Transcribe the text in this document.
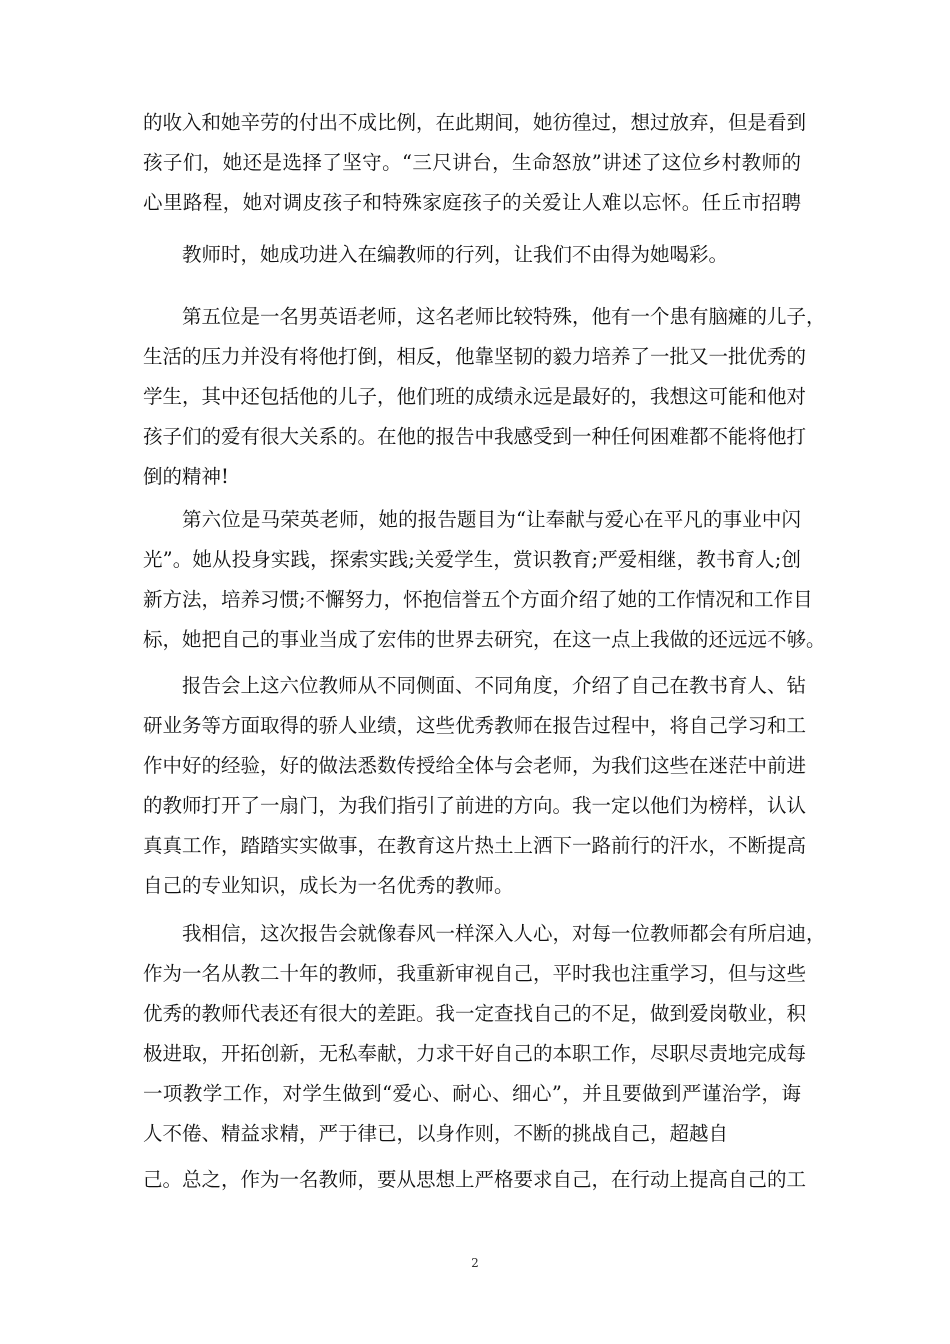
的收入和她辛劳的付出不成比例，在此期间，她彷徨过，想过放弃，但是看到
孩子们，她还是选择了坚守。“三尺讲台，生命怒放”讲述了这位乡村教师的
心里路程，她对调皮孩子和特殊家庭孩子的关爱让人难以忘怀。任丘市招聘
教师时，她成功进入在编教师的行列，让我们不由得为她喝彩。
第五位是一名男英语老师，这名老师比较特殊，他有一个患有脑瘫的儿子，
生活的压力并没有将他打倒，相反，他靠坚韧的毅力培养了一批又一批优秀的
学生，其中还包括他的儿子，他们班的成绩永远是最好的，我想这可能和他对
孩子们的爱有很大关系的。在他的报告中我感受到一种任何困难都不能将他打
倒的精神!
第六位是马荣英老师，她的报告题目为“让奉献与爱心在平凡的事业中闪
光”。她从投身实践，探索实践;关爱学生，赏识教育;严爱相继，教书育人;创
新方法，培养习惯;不懈努力，怀抱信誉五个方面介绍了她的工作情况和工作目
标，她把自己的事业当成了宏伟的世界去研究，在这一点上我做的还远远不够。
报告会上这六位教师从不同侧面、不同角度，介绍了自己在教书育人、钻
研业务等方面取得的骄人业绩，这些优秀教师在报告过程中，将自己学习和工
作中好的经验，好的做法悉数传授给全体与会老师，为我们这些在迷茫中前进
的教师打开了一扇门，为我们指引了前进的方向。我一定以他们为榜样，认认
真真工作，踏踏实实做事，在教育这片热土上洒下一路前行的汗水，不断提高
自己的专业知识，成长为一名优秀的教师。
我相信，这次报告会就像春风一样深入人心，对每一位教师都会有所启迪，
作为一名从教二十年的教师，我重新审视自己，平时我也注重学习，但与这些
优秀的教师代表还有很大的差距。我一定查找自己的不足，做到爱岗敬业，积
极进取，开拓创新，无私奉献，力求干好自己的本职工作，尽职尽责地完成每
一项教学工作，对学生做到“爱心、耐心、细心”，并且要做到严谨治学，诲
人不倦、精益求精，严于律已，以身作则，不断的挑战自己，超越自
己。总之，作为一名教师，要从思想上严格要求自己，在行动上提高自己的工
2
